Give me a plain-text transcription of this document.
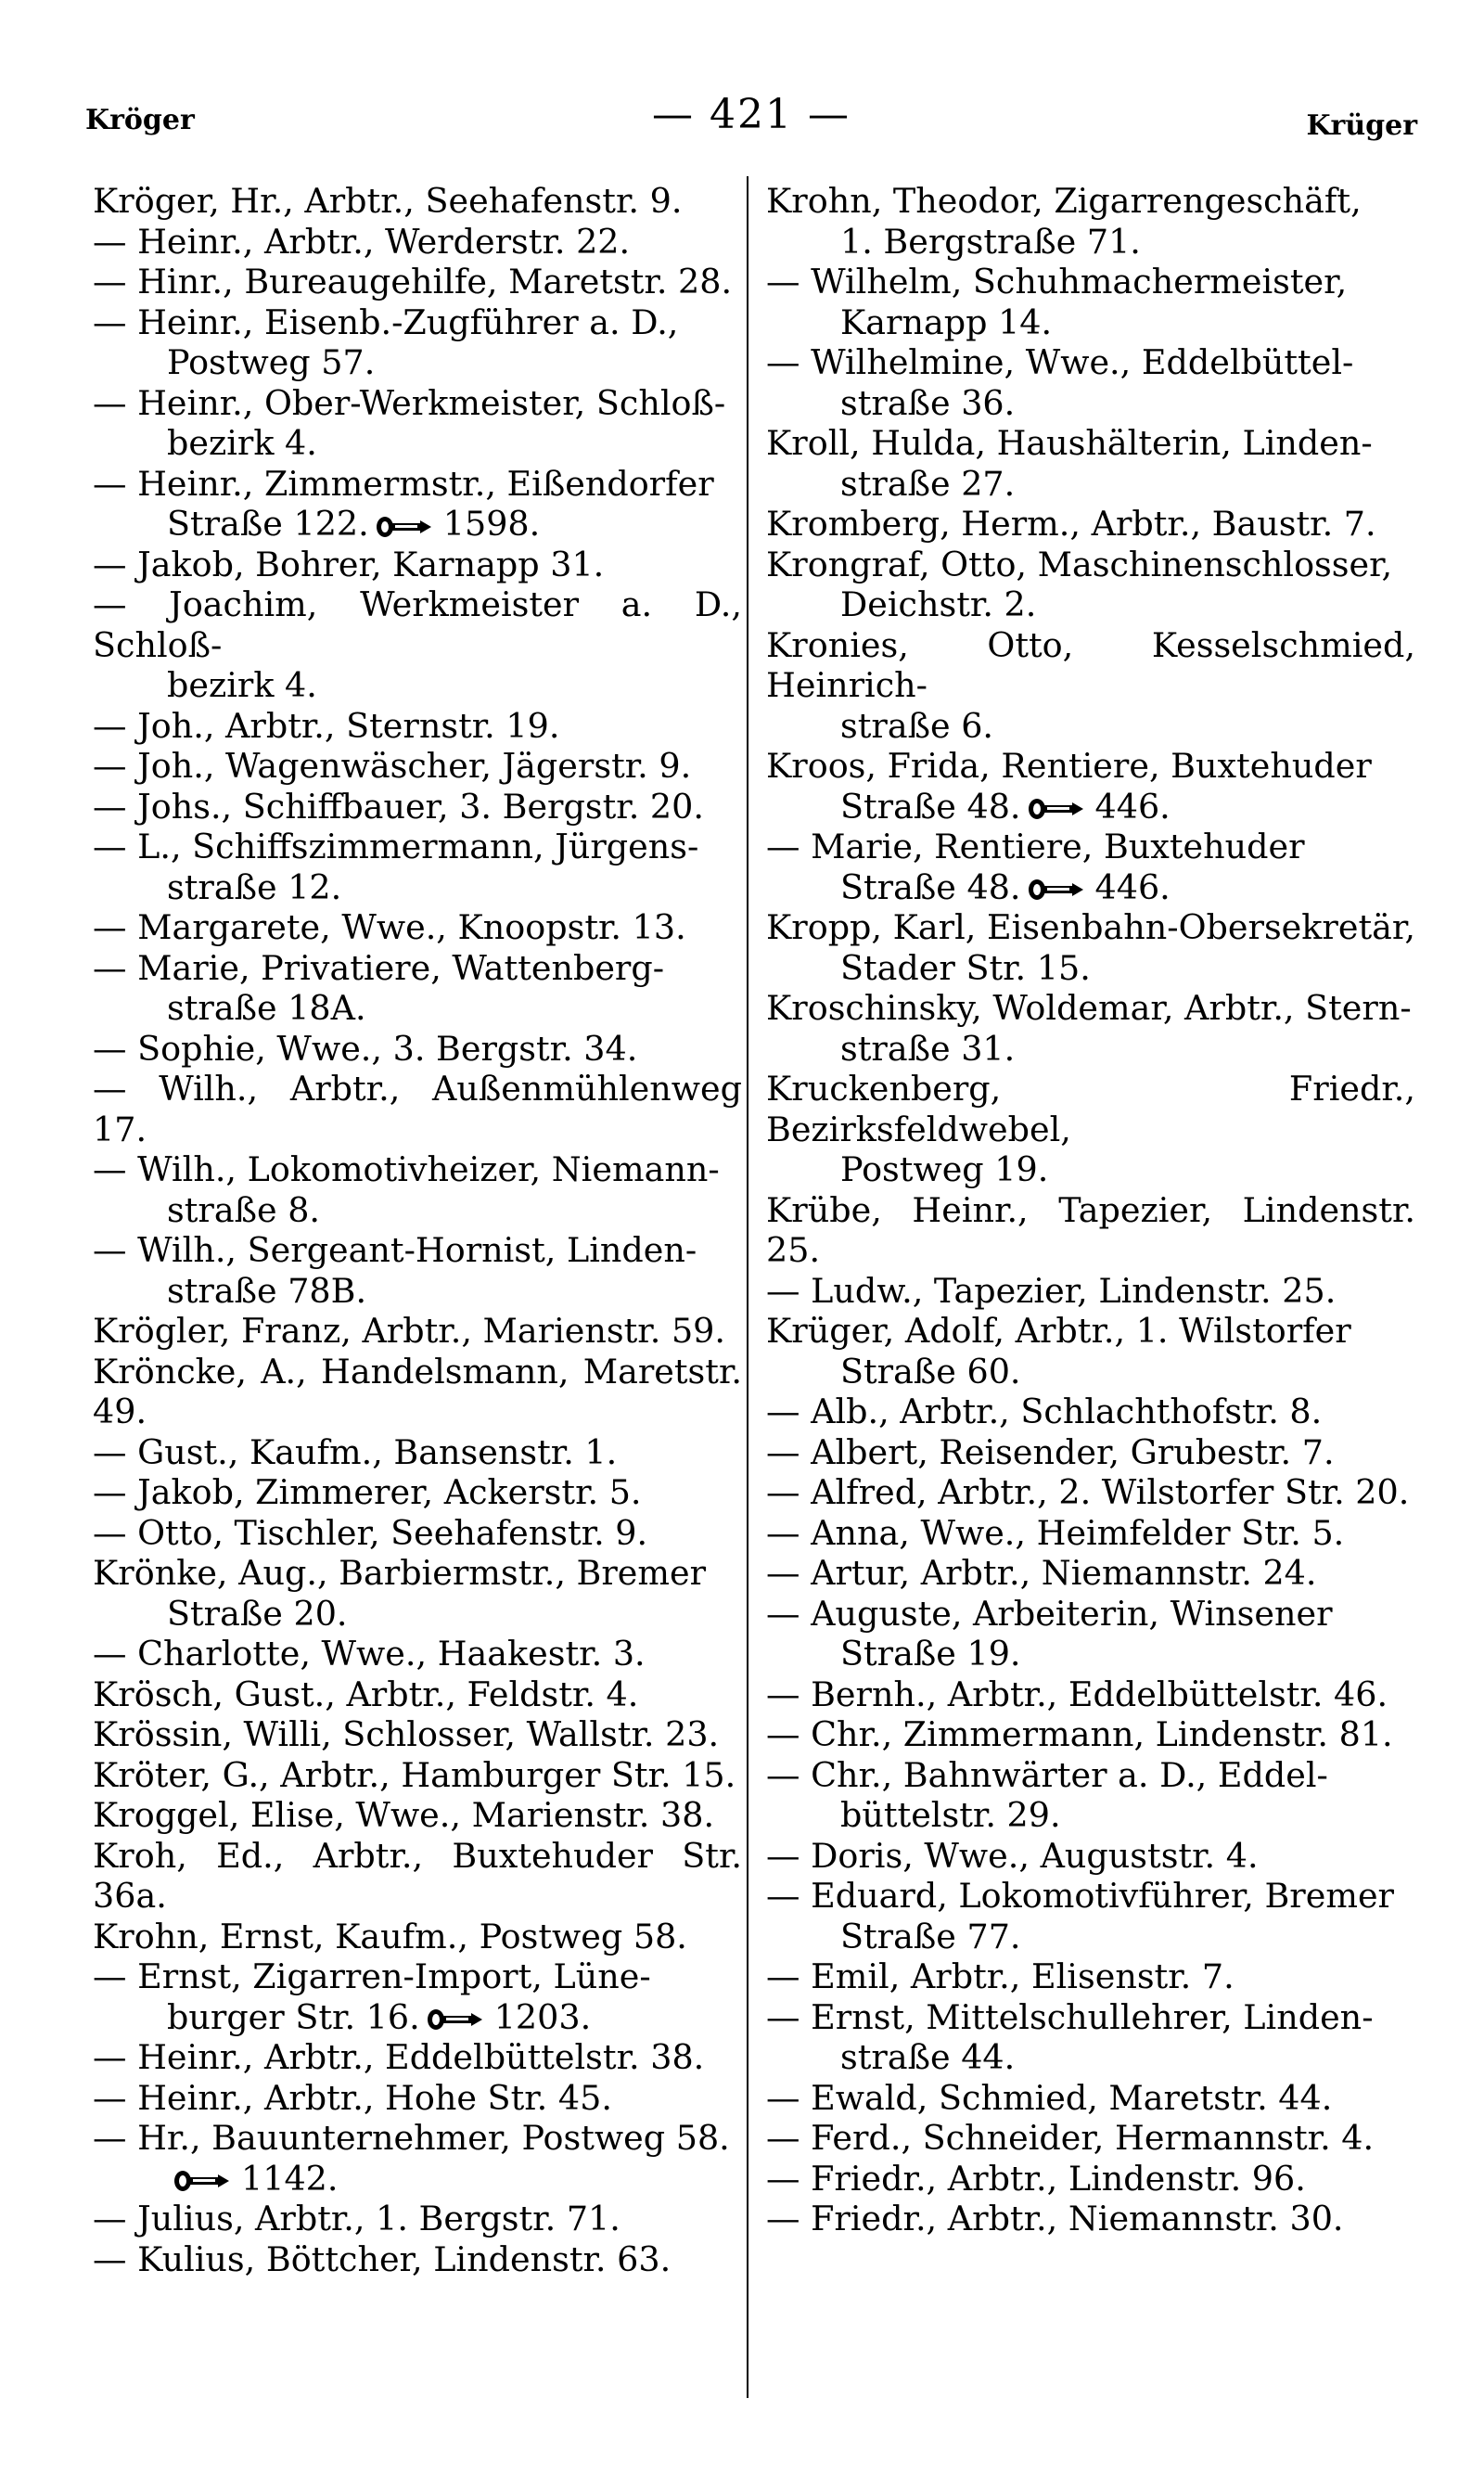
Kröger	— 421 —	Krüger
Kröger, Hr., Arbtr., Seehafenstr. 9.
— Heinr., Arbtr., Werderstr. 22.
— Hinr., Bureaugehilfe, Maretstr. 28.
— Heinr., Eisenb.-Zugführer a. D.,
Postweg 57.
— Heinr., Ober-Werkmeister, Schloß-
bezirk 4.
— Heinr., Zimmermstr., Eißendorfer
Straße 122. 1598.
— Jakob, Bohrer, Karnapp 31.
— Joachim, Werkmeister a. D., Schloß-
bezirk 4.
— Joh., Arbtr., Sternstr. 19.
— Joh., Wagenwäscher, Jägerstr. 9.
— Johs., Schiffbauer, 3. Bergstr. 20.
— L., Schiffszimmermann, Jürgens-
straße 12.
— Margarete, Wwe., Knoopstr. 13.
— Marie, Privatiere, Wattenberg-
straße 18A.
— Sophie, Wwe., 3. Bergstr. 34.
— Wilh., Arbtr., Außenmühlenweg 17.
— Wilh., Lokomotivheizer, Niemann-
straße 8.
— Wilh., Sergeant-Hornist, Linden-
straße 78B.
Krögler, Franz, Arbtr., Marienstr. 59.
Kröncke, A., Handelsmann, Maretstr. 49.
— Gust., Kaufm., Bansenstr. 1.
— Jakob, Zimmerer, Ackerstr. 5.
— Otto, Tischler, Seehafenstr. 9.
Krönke, Aug., Barbiermstr., Bremer
Straße 20.
— Charlotte, Wwe., Haakestr. 3.
Krösch, Gust., Arbtr., Feldstr. 4.
Krössin, Willi, Schlosser, Wallstr. 23.
Kröter, G., Arbtr., Hamburger Str. 15.
Kroggel, Elise, Wwe., Marienstr. 38.
Kroh, Ed., Arbtr., Buxtehuder Str. 36a.
Krohn, Ernst, Kaufm., Postweg 58.
— Ernst, Zigarren-Import, Lüne-
burger Str. 16. 1203.
— Heinr., Arbtr., Eddelbüttelstr. 38.
— Heinr., Arbtr., Hohe Str. 45.
— Hr., Bauunternehmer, Postweg 58.
1142.
— Julius, Arbtr., 1. Bergstr. 71.
— Kulius, Böttcher, Lindenstr. 63.
Krohn, Theodor, Zigarrengeschäft,
1. Bergstraße 71.
— Wilhelm, Schuhmachermeister,
Karnapp 14.
— Wilhelmine, Wwe., Eddelbüttel-
straße 36.
Kroll, Hulda, Haushälterin, Linden-
straße 27.
Kromberg, Herm., Arbtr., Baustr. 7.
Krongraf, Otto, Maschinenschlosser,
Deichstr. 2.
Kronies, Otto, Kesselschmied, Heinrich-
straße 6.
Kroos, Frida, Rentiere, Buxtehuder
Straße 48. 446.
— Marie, Rentiere, Buxtehuder
Straße 48. 446.
Kropp, Karl, Eisenbahn-Obersekretär,
Stader Str. 15.
Kroschinsky, Woldemar, Arbtr., Stern-
straße 31.
Kruckenberg, Friedr., Bezirksfeldwebel,
Postweg 19.
Krübe, Heinr., Tapezier, Lindenstr. 25.
— Ludw., Tapezier, Lindenstr. 25.
Krüger, Adolf, Arbtr., 1. Wilstorfer
Straße 60.
— Alb., Arbtr., Schlachthofstr. 8.
— Albert, Reisender, Grubestr. 7.
— Alfred, Arbtr., 2. Wilstorfer Str. 20.
— Anna, Wwe., Heimfelder Str. 5.
— Artur, Arbtr., Niemannstr. 24.
— Auguste, Arbeiterin, Winsener
Straße 19.
— Bernh., Arbtr., Eddelbüttelstr. 46.
— Chr., Zimmermann, Lindenstr. 81.
— Chr., Bahnwärter a. D., Eddel-
büttelstr. 29.
— Doris, Wwe., Auguststr. 4.
— Eduard, Lokomotivführer, Bremer
Straße 77.
— Emil, Arbtr., Elisenstr. 7.
— Ernst, Mittelschullehrer, Linden-
straße 44.
— Ewald, Schmied, Maretstr. 44.
— Ferd., Schneider, Hermannstr. 4.
— Friedr., Arbtr., Lindenstr. 96.
— Friedr., Arbtr., Niemannstr. 30.
